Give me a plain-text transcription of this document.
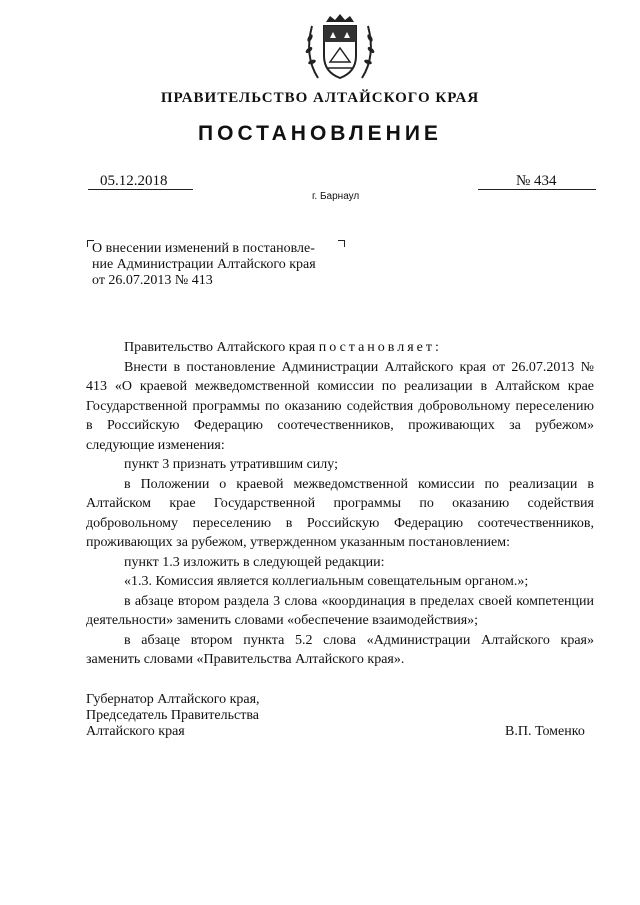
ПРАВИТЕЛЬСТВО АЛТАЙСКОГО КРАЯ
ПОСТАНОВЛЕНИЕ
05.12.2018	№ 434
г. Барнаул
О внесении изменений в постановле-
ние Администрации Алтайского края
от 26.07.2013 № 413

Правительство Алтайского края постановляет:

Внести в постановление Администрации Алтайского края от 26.07.2013 № 413 «О краевой межведомственной комиссии по реализации в Алтайском крае Государственной программы по оказанию содействия добровольному переселению в Российскую Федерацию соотечественников, проживающих за рубежом» следующие изменения:

пункт 3 признать утратившим силу;

в Положении о краевой межведомственной комиссии по реализации в Алтайском крае Государственной программы по оказанию содействия добровольному переселению в Российскую Федерацию соотечественников, проживающих за рубежом, утвержденном указанным постановлением:

пункт 1.3 изложить в следующей редакции:

«1.3. Комиссия является коллегиальным совещательным органом.»;

в абзаце втором раздела 3 слова «координация в пределах своей компетенции деятельности» заменить словами «обеспечение взаимодействия»;

в абзаце втором пункта 5.2 слова «Администрации Алтайского края» заменить словами «Правительства Алтайского края».

Губернатор Алтайского края,
Председатель Правительства
Алтайского края	В.П. Томенко
